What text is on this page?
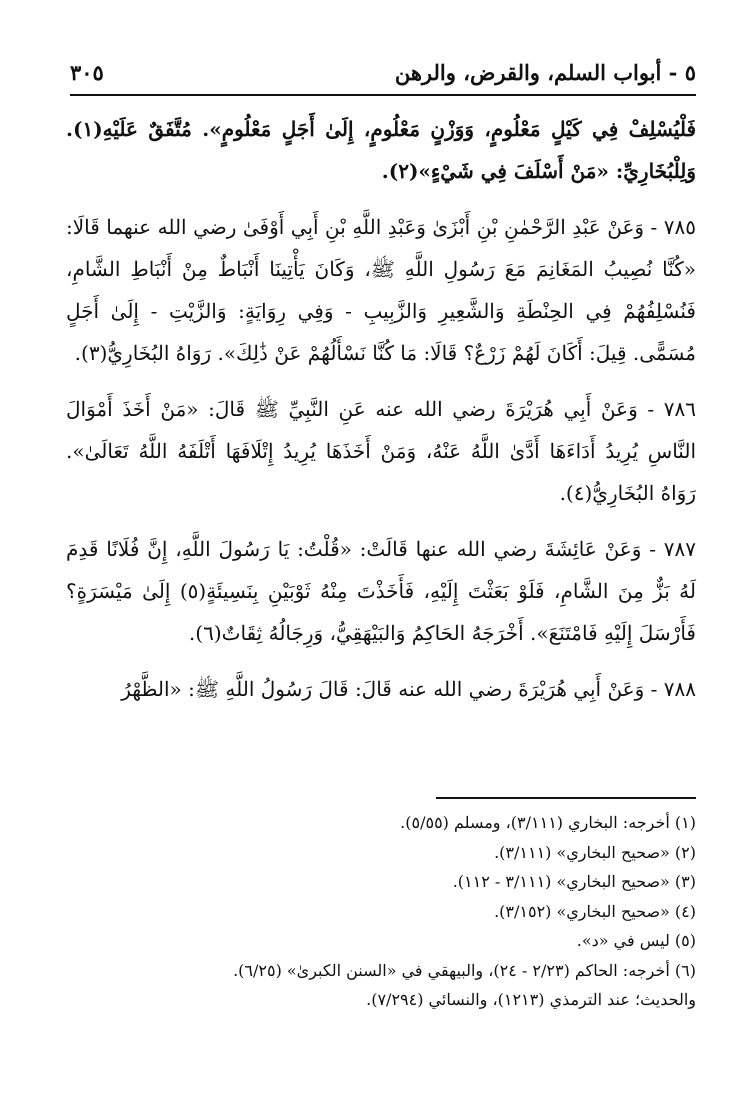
٥ - أبواب السلم، والقرض، والرهن
٣٠٥

فَلْيُسْلِفْ فِي كَيْلٍ مَعْلُومٍ، وَوَزْنٍ مَعْلُومٍ، إِلَىٰ أَجَلٍ مَعْلُومٍ». مُتَّفَقٌ عَلَيْهِ(١). وَلِلْبُخَارِيِّ: «مَنْ أَسْلَفَ فِي شَيْءٍ»(٢).

٧٨٥ - وَعَنْ عَبْدِ الرَّحْمٰنِ بْنِ أَبْزَىٰ وَعَبْدِ اللَّهِ بْنِ أَبِي أَوْفَىٰ رضي الله عنهما قَالَا: «كُنَّا نُصِيبُ المَغَانِمَ مَعَ رَسُولِ اللَّهِ ﷺ، وَكَانَ يَأْتِينَا أَنْبَاطٌ مِنْ أَنْبَاطِ الشَّامِ، فَنُسْلِفُهُمْ فِي الحِنْطَةِ وَالشَّعِيرِ وَالزَّبِيبِ - وَفِي رِوَايَةٍ: وَالزَّيْتِ - إِلَىٰ أَجَلٍ مُسَمًّى. قِيلَ: أَكَانَ لَهُمْ زَرْعٌ؟ قَالَا: مَا كُنَّا نَسْأَلُهُمْ عَنْ ذَٰلِكَ». رَوَاهُ البُخَارِيُّ(٣).

٧٨٦ - وَعَنْ أَبِي هُرَيْرَةَ رضي الله عنه عَنِ النَّبِيِّ ﷺ قَالَ: «مَنْ أَخَذَ أَمْوَالَ النَّاسِ يُرِيدُ أَدَاءَهَا أَدَّىٰ اللَّهُ عَنْهُ، وَمَنْ أَخَذَهَا يُرِيدُ إِتْلَافَهَا أَتْلَفَهُ اللَّهُ تَعَالَىٰ». رَوَاهُ البُخَارِيُّ(٤).

٧٨٧ - وَعَنْ عَائِشَةَ رضي الله عنها قَالَتْ: «قُلْتُ: يَا رَسُولَ اللَّهِ، إِنَّ فُلَانًا قَدِمَ لَهُ بَزٌّ مِنَ الشَّامِ، فَلَوْ بَعَثْتَ إِلَيْهِ، فَأَخَذْتَ مِنْهُ ثَوْبَيْنِ بِنَسِيئَةٍ(٥) إِلَىٰ مَيْسَرَةٍ؟ فَأَرْسَلَ إِلَيْهِ فَامْتَنَعَ». أَخْرَجَهُ الحَاكِمُ وَالبَيْهَقِيُّ، وَرِجَالُهُ ثِقَاتٌ(٦).

٧٨٨ - وَعَنْ أَبِي هُرَيْرَةَ رضي الله عنه قَالَ: قَالَ رَسُولُ اللَّهِ ﷺ: «الظَّهْرُ

(١) أخرجه: البخاري (٣/١١١)، ومسلم (٥/٥٥).
(٢) «صحيح البخاري» (٣/١١١).
(٣) «صحيح البخاري» (٣/١١١ - ١١٢).
(٤) «صحيح البخاري» (٣/١٥٢).
(٥) ليس في «د».
(٦) أخرجه: الحاكم (٢/٢٣ - ٢٤)، والبيهقي في «السنن الكبرىٰ» (٦/٢٥).
والحديث؛ عند الترمذي (١٢١٣)، والنسائي (٧/٢٩٤).
